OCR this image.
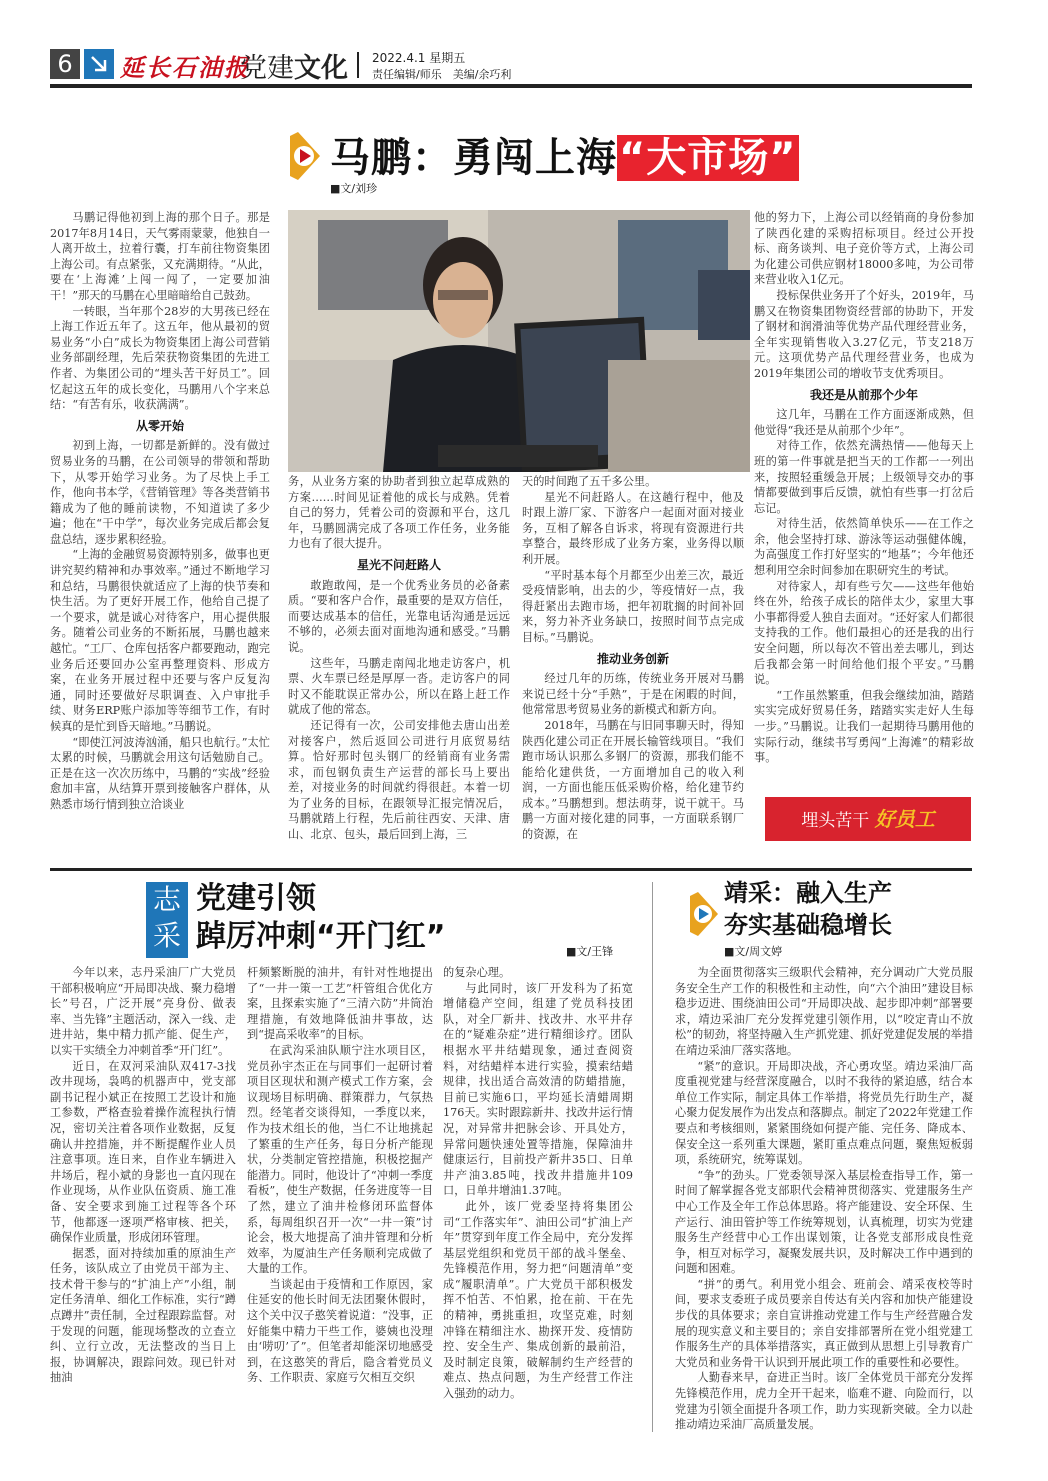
6	延长石油报
党建文化 2022.4.1 星期五
责任编辑/师乐　美编/余巧利
马鹏：勇闯上海“大市场”
■文/刘珍

马鹏记得他初到上海的那个日子。那是2017年8月14日，天气雾雨蒙蒙，他独自一人离开故土，拉着行囊，打车前往物资集团上海公司。有点紧张，又充满期待。“从此，要在‘上海滩’上闯一闯了，一定要加油干！”那天的马鹏在心里暗暗给自己鼓劲。

一转眼，当年那个28岁的大男孩已经在上海工作近五年了。这五年，他从最初的贸易业务“小白”成长为物资集团上海公司营销业务部副经理，先后荣获物资集团的先进工作者、为集团公司的“埋头苦干好员工”。回忆起这五年的成长变化，马鹏用八个字来总结：“有苦有乐，收获满满”。

从零开始

初到上海，一切都是新鲜的。没有做过贸易业务的马鹏，在公司领导的带领和帮助下，从零开始学习业务。为了尽快上手工作，他向书本学，《营销管理》等各类营销书籍成为了他的睡前读物，不知道读了多少遍；他在“干中学”，每次业务完成后都会复盘总结，逐步累积经验。

“上海的金融贸易资源特别多，做事也更讲究契约精神和办事效率。”通过不断地学习和总结，马鹏很快就适应了上海的快节奏和快生活。为了更好开展工作，他给自己提了一个要求，就是诚心对待客户，用心提供服务。随着公司业务的不断拓展，马鹏也越来越忙。“工厂、仓库包括客户都要跑动，跑完业务后还要回办公室再整理资料、形成方案，在业务开展过程中还要与客户反复沟通，同时还要做好尽职调查、入户审批手续、财务ERP账户添加等等细节工作，有时候真的是忙到昏天暗地。”马鹏说。

“即使江河波涛汹涌，船只也航行。”太忙太累的时候，马鹏就会用这句话勉励自己。正是在这一次次历练中，马鹏的“实战”经验愈加丰富，从结算开票到接触客户群体，从熟悉市场行情到独立洽谈业

务，从业务方案的协助者到独立起草成熟的方案……时间见证着他的成长与成熟。凭着自己的努力，凭着公司的资源和平台，这几年，马鹏圆满完成了各项工作任务，业务能力也有了很大提升。

星光不问赶路人

敢跑敢闯，是一个优秀业务员的必备素质。“要和客户合作，最重要的是双方信任，而要达成基本的信任，光靠电话沟通是远远不够的，必须去面对面地沟通和感受。”马鹏说。

这些年，马鹏走南闯北地走访客户，机票、火车票已经是厚厚一沓。走访客户的同时又不能耽误正常办公，所以在路上赶工作就成了他的常态。

还记得有一次，公司安排他去唐山出差对接客户，然后返回公司进行月底贸易结算。恰好那时包头钢厂的经销商有业务需求，而包钢负责生产运营的部长马上要出差，对接业务的时间就约得很赶。本着一切为了业务的目标，在跟领导汇报完情况后，马鹏就踏上行程，先后前往西安、天津、唐山、北京、包头，最后回到上海，三

天的时间跑了五千多公里。

星光不问赶路人。在这趟行程中，他及时跟上游厂家、下游客户一起面对面对接业务，互相了解各自诉求，将现有资源进行共享整合，最终形成了业务方案，业务得以顺利开展。

“平时基本每个月都至少出差三次，最近受疫情影响，出去的少，等疫情好一点，我得赶紧出去跑市场，把年初耽搁的时间补回来，努力补齐业务缺口，按照时间节点完成目标。”马鹏说。

推动业务创新

经过几年的历练，传统业务开展对马鹏来说已经十分“手熟”，于是在闲暇的时间，他常常思考贸易业务的新模式和新方向。

2018年，马鹏在与旧同事聊天时，得知陕西化建公司正在开展长输管线项目。“我们跑市场认识那么多钢厂的资源，那我们能不能给化建供货，一方面增加自己的收入利润，一方面也能压低采购价格，给化建节约成本。”马鹏想到。想法萌芽，说干就干。马鹏一方面对接化建的同事，一方面联系钢厂的资源，在

他的努力下，上海公司以经销商的身份参加了陕西化建的采购招标项目。经过公开投标、商务谈判、电子竞价等方式，上海公司为化建公司供应钢材18000多吨，为公司带来营业收入1亿元。

投标保供业务开了个好头，2019年，马鹏又在物资集团物资经营部的协助下，开发了钢材和润滑油等优势产品代理经营业务，全年实现销售收入3.27亿元，节支218万元。这项优势产品代理经营业务，也成为2019年集团公司的增收节支优秀项目。

我还是从前那个少年

这几年，马鹏在工作方面逐渐成熟，但他觉得“我还是从前那个少年”。

对待工作，依然充满热情——他每天上班的第一件事就是把当天的工作都一一列出来，按照轻重缓急开展；上级领导交办的事情都要做到事后反馈，就怕有些事一打岔后忘记。

对待生活，依然简单快乐——在工作之余，他会坚持打球、游泳等运动强健体魄，为高强度工作打好坚实的“地基”；今年他还想利用空余时间参加在职研究生的考试。

对待家人，却有些亏欠——这些年他始终在外，给孩子成长的陪伴太少，家里大事小事都得爱人独自去面对。“还好家人们都很支持我的工作。他们最担心的还是我的出行安全问题，所以每次不管出差去哪儿，到达后我都会第一时间给他们报个平安。”马鹏说。

“工作虽然繁重，但我会继续加油，踏踏实实完成好贸易任务，踏踏实实走好人生每一步。”马鹏说。让我们一起期待马鹏用他的实际行动，继续书写勇闯“上海滩”的精彩故事。

埋头苦干 好员工
志
采
党建引领
踔厉冲刺“开门红”	■文/王锋

今年以来，志丹采油厂广大党员干部积极响应“开局即决战、聚力稳增长”号召，广泛开展“亮身份、做表率、当先锋”主题活动，深入一线、走进井站，集中精力抓产能、促生产，以实干实绩全力冲刺首季“开门红”。

近日，在双河采油队双417-3找改井现场，袅鸣的机器声中，党支部副书记程小斌正在按照工艺设计和施工参数，严格查验着操作流程执行情况，密切关注着各项作业数据，反复确认井控措施，并不断提醒作业人员注意事项。连日来，自作业车辆进入井场后，程小斌的身影也一直闪现在作业现场，从作业队伍资质、施工准备、安全要求到施工过程等各个环节，他都逐一逐项严格审核、把关，确保作业质量，形成闭环管理。

据悉，面对持续加重的原油生产任务，该队成立了由党员干部为主、技术骨干参与的“扩油上产”小组，制定任务清单、细化工作标准，实行“蹲点蹲井”责任制，全过程跟踪监督。对于发现的问题，能现场整改的立查立纠、立行立改，无法整改的当日上报，协调解决，跟踪问效。现已针对抽油

杆频繁断脱的油井，有针对性地提出了“一井一策一工艺”杆管组合优化方案，且探索实施了“三清六防”井筒治理措施，有效地降低油井事故，达到“提高采收率”的目标。

在武沟采油队顺宁注水项目区，党员孙宇杰正在与同事们一起研讨着项目区现状和测产模式工作方案，会议现场目标明确、群策群力，气氛热烈。经笔者交谈得知，一季度以来，作为技术组长的他，当仁不让地挑起了繁重的生产任务，每日分析产能现状，分类制定管控措施，积极挖掘产能潜力。同时，他设计了“冲刺一季度看板”，使生产数据，任务进度等一目了然，建立了油井检修闭环监督体系，每周组织召开一次“一井一策”讨论会，极大地提高了油井管理和分析效率，为厦油生产任务顺利完成做了大量的工作。

当谈起由于疫情和工作原因，家住延安的他长时间无法团聚休假时，这个关中汉子憨笑着说道：“没事，正好能集中精力干些工作，婆姨也没理由‘唠叨’了”。但笔者却能深切地感受到，在这憨笑的背后，隐含着党员义务、工作职责、家庭亏欠相互交织

的复杂心理。

与此同时，该厂开发科为了拓宽增储稳产空间，组建了党员科技团队，对全厂新井、找改井、水平井存在的“疑难杂症”进行精细诊疗。团队根据水平井结蜡现象，通过查阅资料，对结蜡样本进行实验，摸索结蜡规律，找出适合高效清的防蜡措施，目前已实施6口，平均延长清蜡周期176天。实时跟踪新井、找改井运行情况，对异常井把脉会诊、开具处方，异常问题快速处置等措施，保障油井健康运行，目前投产新井35口、日单井产油3.85吨，找改井措施井109口，日单井增油1.37吨。

此外，该厂党委坚持将集团公司“工作落实年”、油田公司“扩油上产年”贯穿到年度工作全局中，充分发挥基层党组织和党员干部的战斗堡垒、先锋模范作用，努力把“问题清单”变成“履职清单”。广大党员干部积极发挥不怕苦、不怕累，抢在前、干在先的精神，勇挑重担，攻坚克难，时刻冲锋在精细注水、勘探开发、疫情防控、安全生产、集成创新的最前沿，及时制定良策，破解制约生产经营的难点、热点问题，为生产经营工作注入强劲的动力。

靖采：融入生产
夯实基础稳增长
■文/周文婷

为全面贯彻落实三级职代会精神，充分调动广大党员服务安全生产工作的积极性和主动性，向“六个油田”建设目标稳步迈进、围绕油田公司“开局即决战、起步即冲刺”部署要求，靖边采油厂充分发挥党建引领作用，以“咬定青山不放松”的韧劲，将坚持融入生产抓党建、抓好党建促发展的举措在靖边采油厂落实落地。

“紧”的意识。开局即决战，齐心勇攻坚。靖边采油厂高度重视党建与经营深度融合，以时不我待的紧迫感，结合本单位工作实际，制定具体工作举措，将党员先行助生产，凝心聚力促发展作为出发点和落脚点。制定了2022年党建工作要点和考核细则，紧紧围绕如何提产能、完任务、降成本、保安全这一系列重大课题，紧盯重点难点问题，聚焦短板弱项，系统研究，统筹谋划。

“争”的劲头。厂党委领导深入基层检查指导工作，第一时间了解掌握各党支部职代会精神贯彻落实、党建服务生产中心工作及全年工作总体思路。将产能建设、安全环保、生产运行、油田管护等工作统筹规划，认真梳理，切实为党建服务生产经营中心工作出谋划策，让各党支部形成良性竞争，相互对标学习，凝聚发展共识，及时解决工作中遇到的问题和困难。

“拼”的勇气。利用党小组会、班前会、靖采夜校等时间，要求支委班子成员要亲自传达有关内容和加快产能建设步伐的具体要求；亲自宣讲推动党建工作与生产经营融合发展的现实意义和主要目的；亲自安排部署所在党小组党建工作服务生产的具体举措落实，真正做到从思想上引导教育广大党员和业务骨干认识到开展此项工作的重要性和必要性。

人勤春来早，奋进正当时。该厂全体党员干部充分发挥先锋模范作用，虎力全开干起来，临难不避、向险而行，以党建为引领全面提升各项工作，助力实现新突破。全力以赴推动靖边采油厂高质量发展。
